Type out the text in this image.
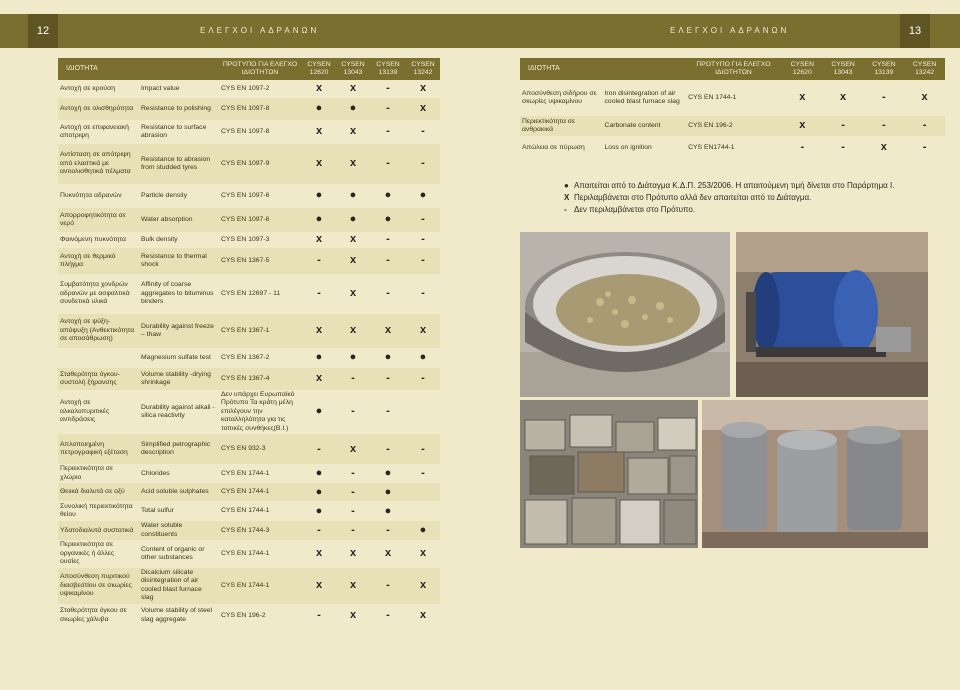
12	ΕΛΕΓΧΟΙ ΑΔΡΑΝΩΝ
ΙΔΙΟΤΗΤΑ		ΠΡΟΤΥΠΟ ΓΙΑ ΕΛΕΓΧΟ ΙΔΙΟΤΗΤΩΝ	CYSEN 12620	CYSEN 13043	CYSEN 13139	CYSEN 13242
Αντοχή σε κρούση	Impact value	CYS EN 1097-2	x	x	-	x
Αντοχή σε ολισθηρότητα	Resistance to polishing	CYS EN 1097-8	●	●	-	x
Αντοχή σε επιφανειακή αποτριψη	Resistance to surface abrasion	CYS EN 1097-8	x	x	-	-
Αντίσταση σε απότριψη από ελαστικά με αντιολισθητικά πέλματα	Resistance to abrasion from studded tyres	CYS EN 1097-9	x	x	-	-
Πυκνότητα αδρανών	Particle density	CYS EN 1097-6	●	●	●	●
Απορροφητικότητα σε νερό	Water absorption	CYS EN 1097-6	●	●	●	-
Φαινόμενη πυκνότητα	Bulk density	CYS EN 1097-3	x	x	-	-
Αντοχή σε θερμικό πλήγμα	Resistance to thermal shock	CYS EN 1367-5	-	x	-	-
Συμβατότητα χονδρών αδρανών με ασφαλτικά συνδετικά υλικά	Affinity of coarse aggregates to bituminus binders	CYS EN 12697 - 11	-	x	-	-
Αντοχή σε ψύξη-απόψυξη (Ανθεκτικότητα σε αποσάθρωση)	Durability against freeze – thaw	CYS EN 1367-1	x	x	x	x
	Magnesium sulfate test	CYS EN 1367-2	●	●	●	●
Σταθερότητα όγκου-συστολή ξήρανσης	Volume stability -drying shrinkage	CYS EN 1367-4	x	-	-	-
Αντοχή σε αλκαλοπυριτικές αντιδράσεις	Durability against alkali - silica reactivity	Δεν υπάρχει Ευρωπαϊκό Πρότυπο Τα κράτη μέλη επιλέγουν την καταλληλότητα για τις τοπικές συνθήκες(Β.Ι.)	●	-	-	
Απλοποιημένη πετρογραφική εξέταση	Simplified petrographic description	CYS EN 932-3	-	x	-	-
Περιεκτικότητα σε χλώριο	Chlorides	CYS EN 1744-1	●	-	●	-
Θειικά διαλυτά σε οξύ	Acid soluble sulphates	CYS EN 1744-1	●	-	●	
Συνολική περιεκτικότητα θείου	Total sulfur	CYS EN 1744-1	●	-	●	
Υδατοδιαλυτά συστατικά	Water soluble constituents	CYS EN 1744-3	-	-	-	●
Περιεκτικότητα σε οργανικές ή άλλες ουσίες	Content of organic or other substances	CYS EN 1744-1	x	x	x	x
Αποσύνθεση πυριτικού διασβεστίου σε σκωρίες υψικαμίνου	Dicalcium silicate disintegration of air cooled blast furnace slag	CYS EN 1744-1	x	x	-	x
Σταθερότητα όγκου σε σκωρίες χάλυβα	Volume stability of steel slag aggregate	CYS EN 196-2	-	x	-	x
ΕΛΕΓΧΟΙ ΑΔΡΑΝΩΝ	13
ΙΔΙΟΤΗΤΑ		ΠΡΟΤΥΠΟ ΓΙΑ ΕΛΕΓΧΟ ΙΔΙΟΤΗΤΩΝ	CYSEN 12620	CYSEN 13043	CYSEN 13139	CYSEN 13242
Αποσύνθεση σιδήρου σε σκωρίες υψικαμίνου	Iron disintegration of air cooled blast furnace slag	CYS EN 1744-1	x	x	-	x
Περιεκτικότητα σε ανθρακικά	Carbonate content	CYS EN 196-2	x	-	-	-
Απώλεια σε πύρωση	Loss on ignition	CYS EN1744-1	-	-	x	-
● Απαιτείται από το Διάταγμα Κ.Δ.Π. 253/2006. Η απαιτούμενη τιμή δίνεται στο Παράρτημα Ι.
X Περιλαμβάνεται στο Πρότυπο αλλά δεν απαιτείται από το Διάταγμα.
- Δεν περιλαμβάνεται στο Πρότυπο.
